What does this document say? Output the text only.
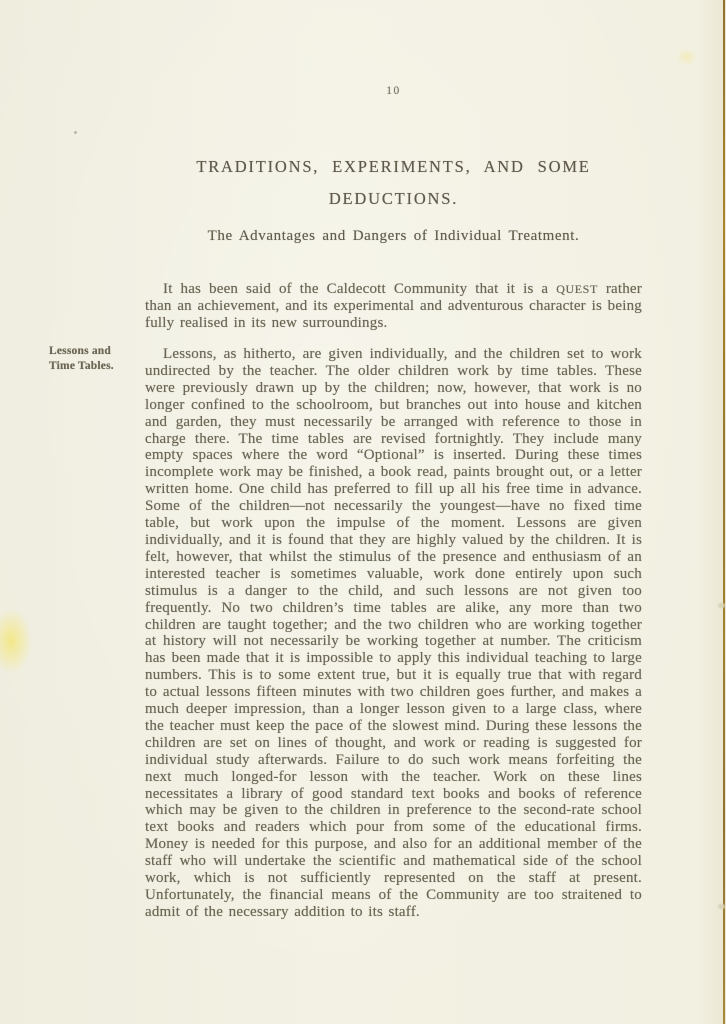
10
TRADITIONS, EXPERIMENTS, AND SOME
DEDUCTIONS.
The Advantages and Dangers of Individual Treatment.
Lessons and
Time Tables.

It has been said of the Caldecott Community that it is a QUEST rather than an achievement, and its experimental and adventurous character is being fully realised in its new surroundings.

Lessons, as hitherto, are given individually, and the children set to work undirected by the teacher. The older children work by time tables. These were previously drawn up by the children; now, however, that work is no longer confined to the schoolroom, but branches out into house and kitchen and garden, they must necessarily be arranged with reference to those in charge there. The time tables are revised fortnightly. They include many empty spaces where the word “Optional” is inserted. During these times incomplete work may be finished, a book read, paints brought out, or a letter written home. One child has preferred to fill up all his free time in advance. Some of the children—not necessarily the youngest—have no fixed time table, but work upon the impulse of the moment. Lessons are given individually, and it is found that they are highly valued by the children. It is felt, however, that whilst the stimulus of the presence and enthusiasm of an interested teacher is sometimes valuable, work done entirely upon such stimulus is a danger to the child, and such lessons are not given too frequently. No two children’s time tables are alike, any more than two children are taught together; and the two children who are working together at history will not necessarily be working together at number. The criticism has been made that it is impossible to apply this individual teaching to large numbers. This is to some extent true, but it is equally true that with regard to actual lessons fifteen minutes with two children goes further, and makes a much deeper impression, than a longer lesson given to a large class, where the teacher must keep the pace of the slowest mind. During these lessons the children are set on lines of thought, and work or reading is suggested for individual study afterwards. Failure to do such work means forfeiting the next much longed-for lesson with the teacher. Work on these lines necessitates a library of good standard text books and books of reference which may be given to the children in preference to the second-rate school text books and readers which pour from some of the educational firms. Money is needed for this purpose, and also for an additional member of the staff who will undertake the scientific and mathematical side of the school work, which is not sufficiently represented on the staff at present. Unfortunately, the financial means of the Community are too straitened to admit of the necessary addition to its staff.
